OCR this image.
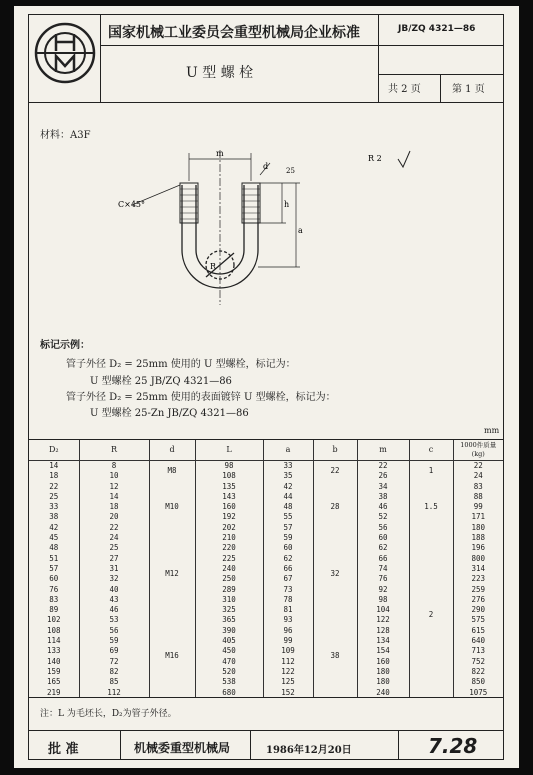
国家机械工业委员会重型机械局企业标准	JB/ZQ 4321—86
U 型 螺 栓
共 2 页	第 1 页
材料：A3F
m
d	25
h
a
C×45°
R
R 2
标记示例：
管子外径 D₂ = 25mm 使用的 U 型螺栓，标记为：
U 型螺栓 25 JB/ZQ 4321—86
管子外径 D₂ = 25mm 使用的表面镀锌 U 型螺栓，标记为：
U 型螺栓 25-Zn JB/ZQ 4321—86
mm
D₂	R	d	L	a	b	m	c	1000件质量 (kg)
14	8	M8	98	33	22	22	1	22
18	10		108	35		26		24
22	12	M10	135	42	28	34	1.5	83
25	14		143	44		38		88
33	18		160	48		46		99
38	20		192	55		52		171
42	22		202	57		56		180
45	24	M12	210	59	32	60	2	188
48	25		220	60		62		196
51	27		225	62		66		800
57	31		240	66		74		314
60	32		250	67		76		223
76	40		289	73		92		259
83	43		310	78		98		276
89	46		325	81		104		290
102	53	M16	365	93	38	122		575
108	56		390	96		128		615
114	59		405	99		134		640
133	69		450	109		154		713
140	72		470	112		160		752
159	82		520	122		180		822
165	85		538	125		180		850
219	112		680	152		240		1075
注：L 为毛坯长，D₂为管子外径。
批 准	机械委重型机械局	1986年12月20日	7.28
